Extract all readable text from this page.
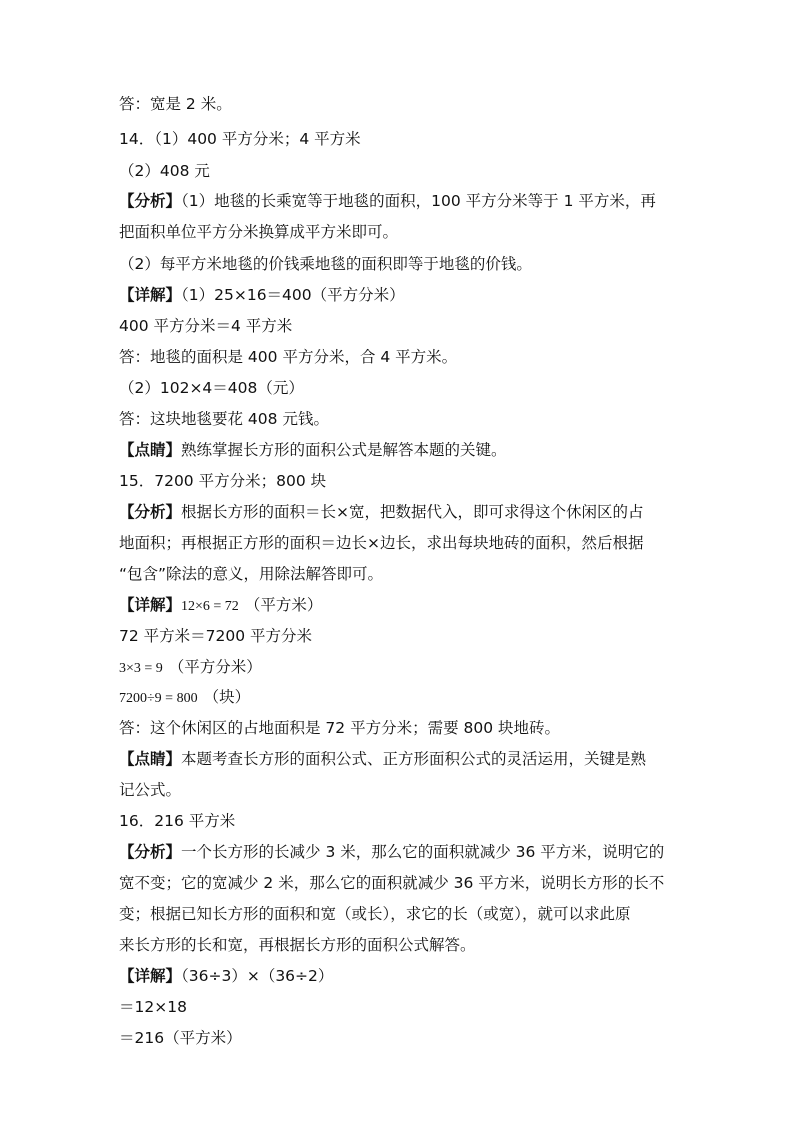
答：宽是 2 米。
14．（1）400 平方分米；4 平方米
（2）408 元
【分析】（1）地毯的长乘宽等于地毯的面积，100 平方分米等于 1 平方米，再
把面积单位平方分米换算成平方米即可。
（2）每平方米地毯的价钱乘地毯的面积即等于地毯的价钱。
【详解】（1）25×16＝400（平方分米）
400 平方分米＝4 平方米
答：地毯的面积是 400 平方分米，合 4 平方米。
（2）102×4＝408（元）
答：这块地毯要花 408 元钱。
【点睛】熟练掌握长方形的面积公式是解答本题的关键。
15．7200 平方分米；800 块
【分析】根据长方形的面积＝长×宽，把数据代入，即可求得这个休闲区的占
地面积；再根据正方形的面积＝边长×边长，求出每块地砖的面积，然后根据
“包含”除法的意义，用除法解答即可。
【详解】12×6 = 72 （平方米）
72 平方米＝7200 平方分米
3×3 = 9 （平方分米）
7200÷9 = 800 （块）
答：这个休闲区的占地面积是 72 平方分米；需要 800 块地砖。
【点睛】本题考查长方形的面积公式、正方形面积公式的灵活运用，关键是熟
记公式。
16．216 平方米
【分析】一个长方形的长减少 3 米，那么它的面积就减少 36 平方米，说明它的
宽不变；它的宽减少 2 米，那么它的面积就减少 36 平方米，说明长方形的长不
变；根据已知长方形的面积和宽（或长），求它的长（或宽），就可以求此原
来长方形的长和宽，再根据长方形的面积公式解答。
【详解】（36÷3）×（36÷2）
＝12×18
＝216（平方米）
